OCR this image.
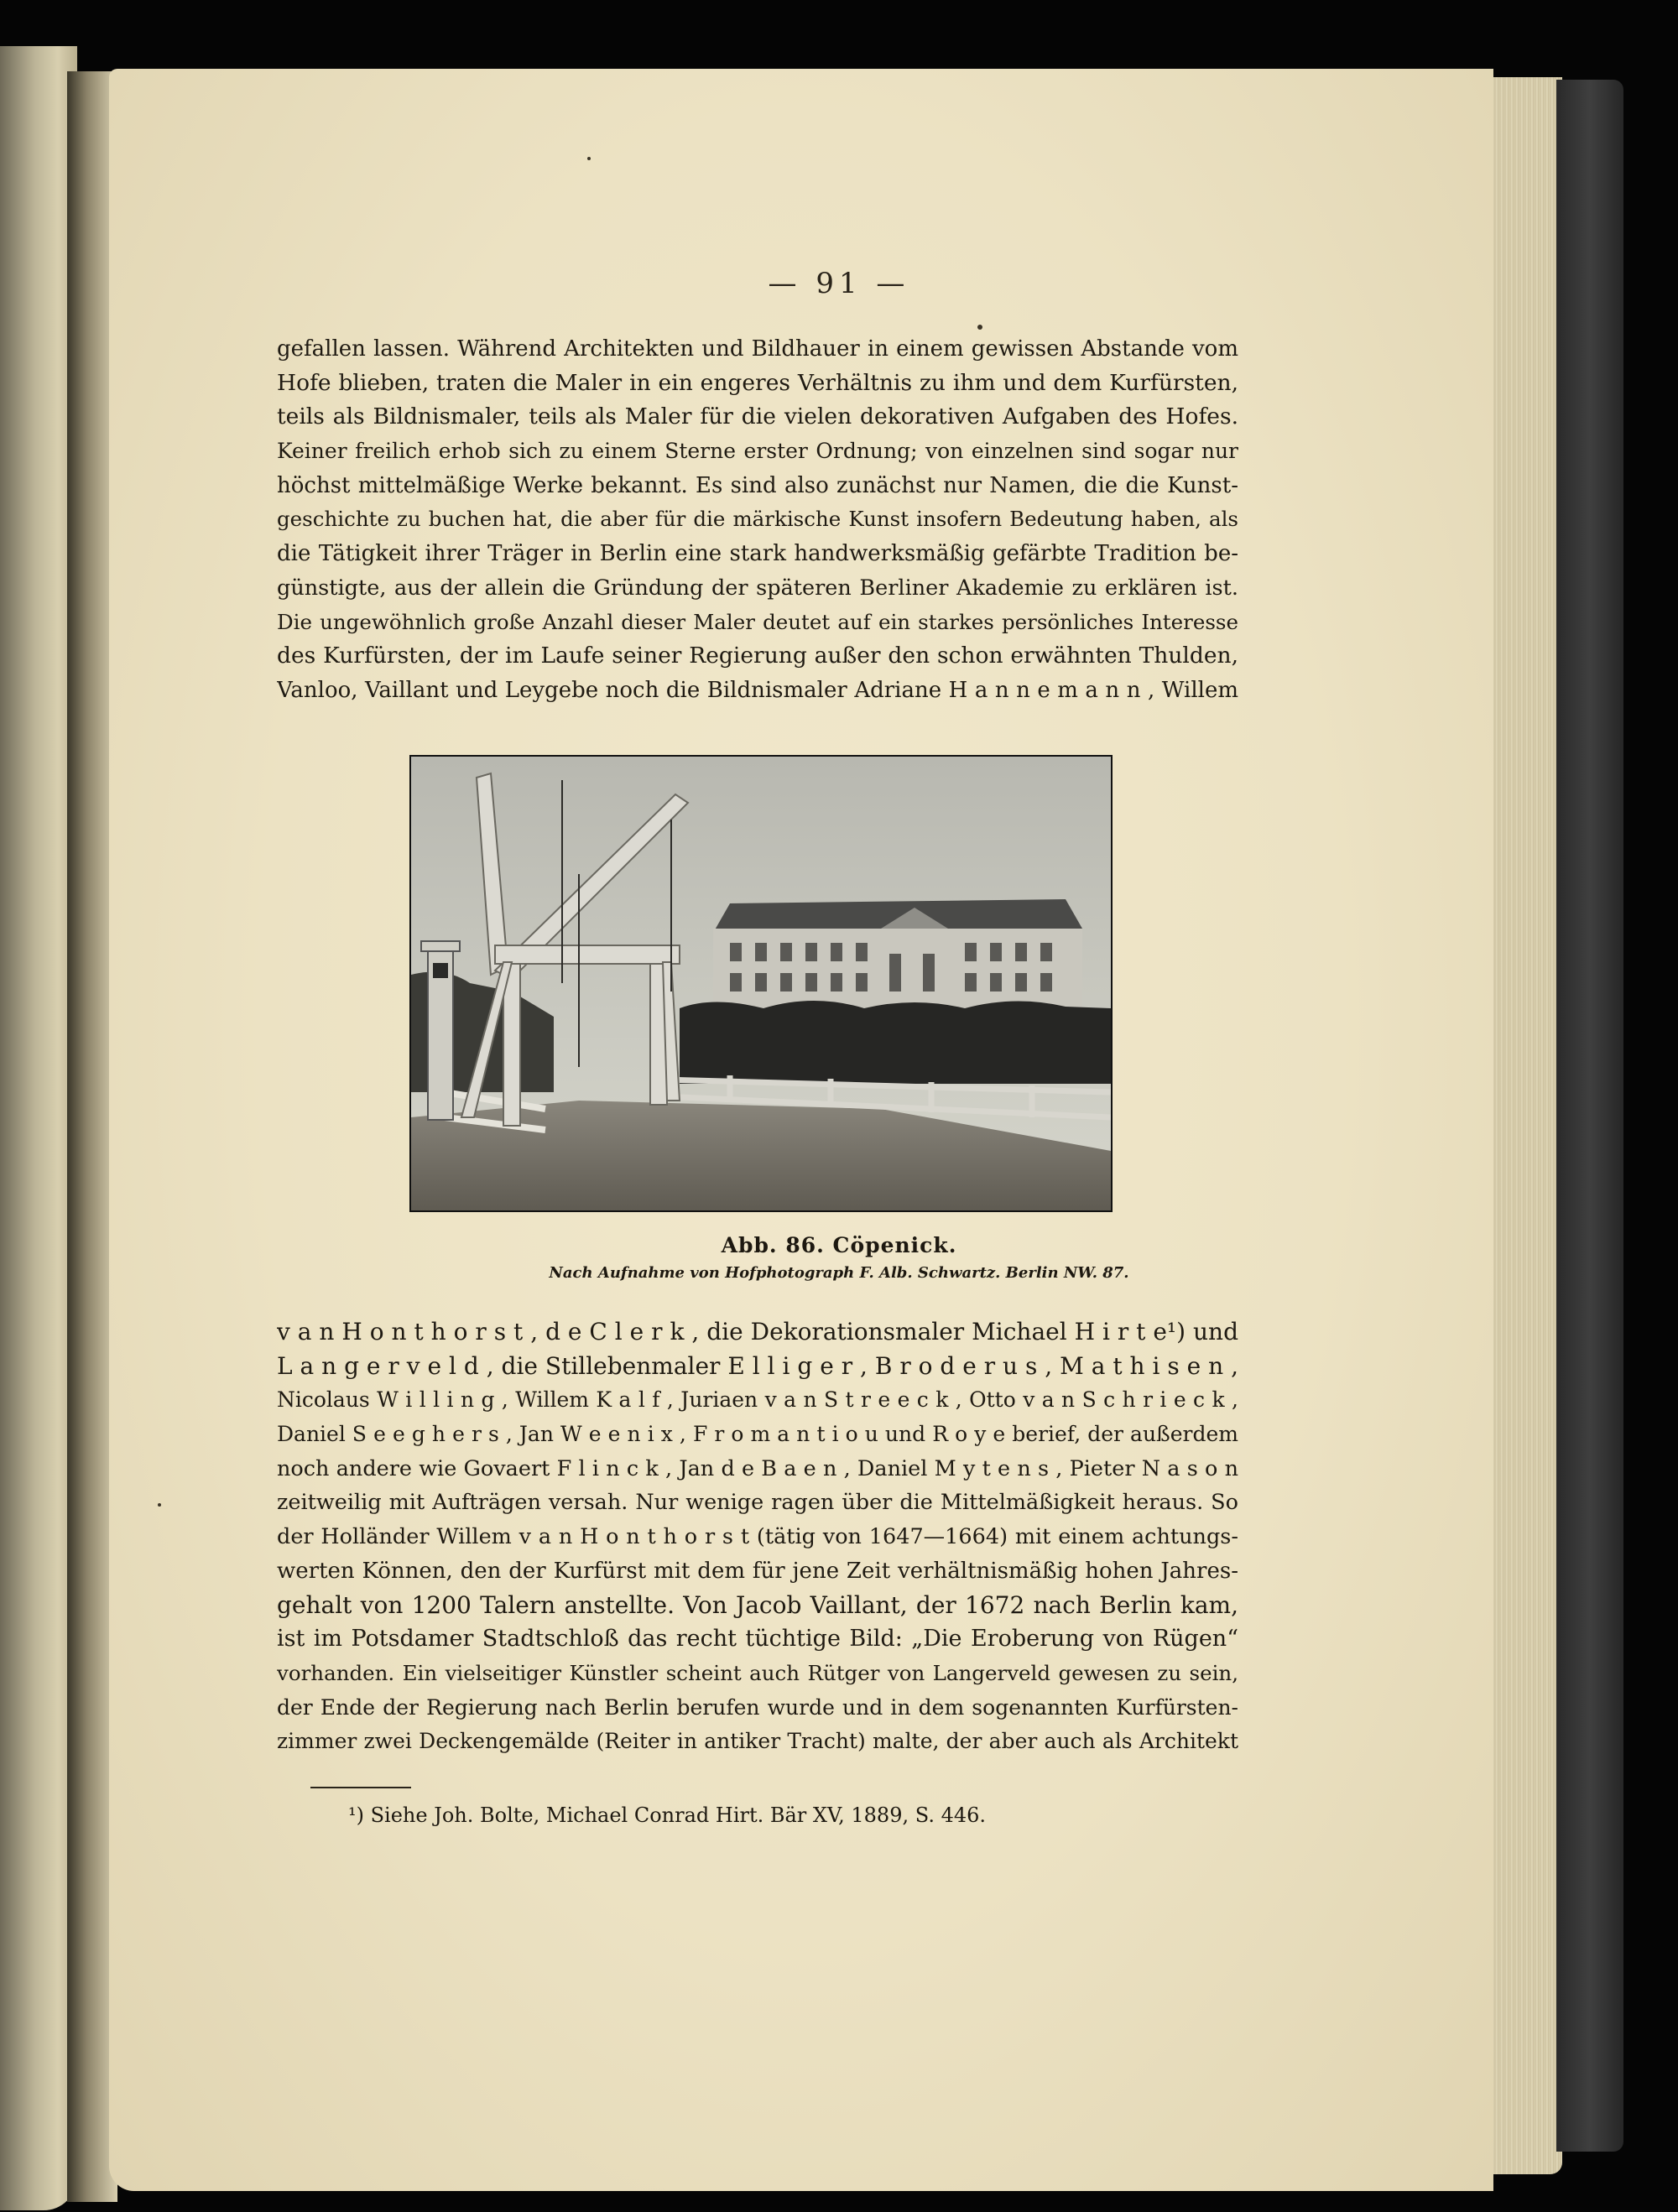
— 91 —
gefallen lassen. Während Architekten und Bildhauer in einem gewissen Abstande vom
Hofe blieben, traten die Maler in ein engeres Verhältnis zu ihm und dem Kurfürsten,
teils als Bildnismaler, teils als Maler für die vielen dekorativen Aufgaben des Hofes.
Keiner freilich erhob sich zu einem Sterne erster Ordnung; von einzelnen sind sogar nur
höchst mittelmäßige Werke bekannt. Es sind also zunächst nur Namen, die die Kunst-
geschichte zu buchen hat, die aber für die märkische Kunst insofern Bedeutung haben, als
die Tätigkeit ihrer Träger in Berlin eine stark handwerksmäßig gefärbte Tradition be-
günstigte, aus der allein die Gründung der späteren Berliner Akademie zu erklären ist.
Die ungewöhnlich große Anzahl dieser Maler deutet auf ein starkes persönliches Interesse
des Kurfürsten, der im Laufe seiner Regierung außer den schon erwähnten Thulden,
Vanloo, Vaillant und Leygebe noch die Bildnismaler Adriane H a n n e m a n n , Willem
Abb. 86. Cöpenick.
Nach Aufnahme von Hofphotograph F. Alb. Schwartz. Berlin NW. 87.
v a n H o n t h o r s t , d e C l e r k , die Dekorationsmaler Michael H i r t e¹) und
L a n g e r v e l d , die Stillebenmaler E l l i g e r , B r o d e r u s , M a t h i s e n ,
Nicolaus W i l l i n g , Willem K a l f , Juriaen v a n S t r e e c k , Otto v a n S c h r i e c k ,
Daniel S e e g h e r s , Jan W e e n i x , F r o m a n t i o u und R o y e berief, der außerdem
noch andere wie Govaert F l i n c k , Jan d e B a e n , Daniel M y t e n s , Pieter N a s o n
zeitweilig mit Aufträgen versah. Nur wenige ragen über die Mittelmäßigkeit heraus. So
der Holländer Willem v a n H o n t h o r s t (tätig von 1647—1664) mit einem achtungs-
werten Können, den der Kurfürst mit dem für jene Zeit verhältnismäßig hohen Jahres-
gehalt von 1200 Talern anstellte. Von Jacob Vaillant, der 1672 nach Berlin kam,
ist im Potsdamer Stadtschloß das recht tüchtige Bild: „Die Eroberung von Rügen“
vorhanden. Ein vielseitiger Künstler scheint auch Rütger von Langerveld gewesen zu sein,
der Ende der Regierung nach Berlin berufen wurde und in dem sogenannten Kurfürsten-
zimmer zwei Deckengemälde (Reiter in antiker Tracht) malte, der aber auch als Architekt
¹) Siehe Joh. Bolte, Michael Conrad Hirt. Bär XV, 1889, S. 446.
